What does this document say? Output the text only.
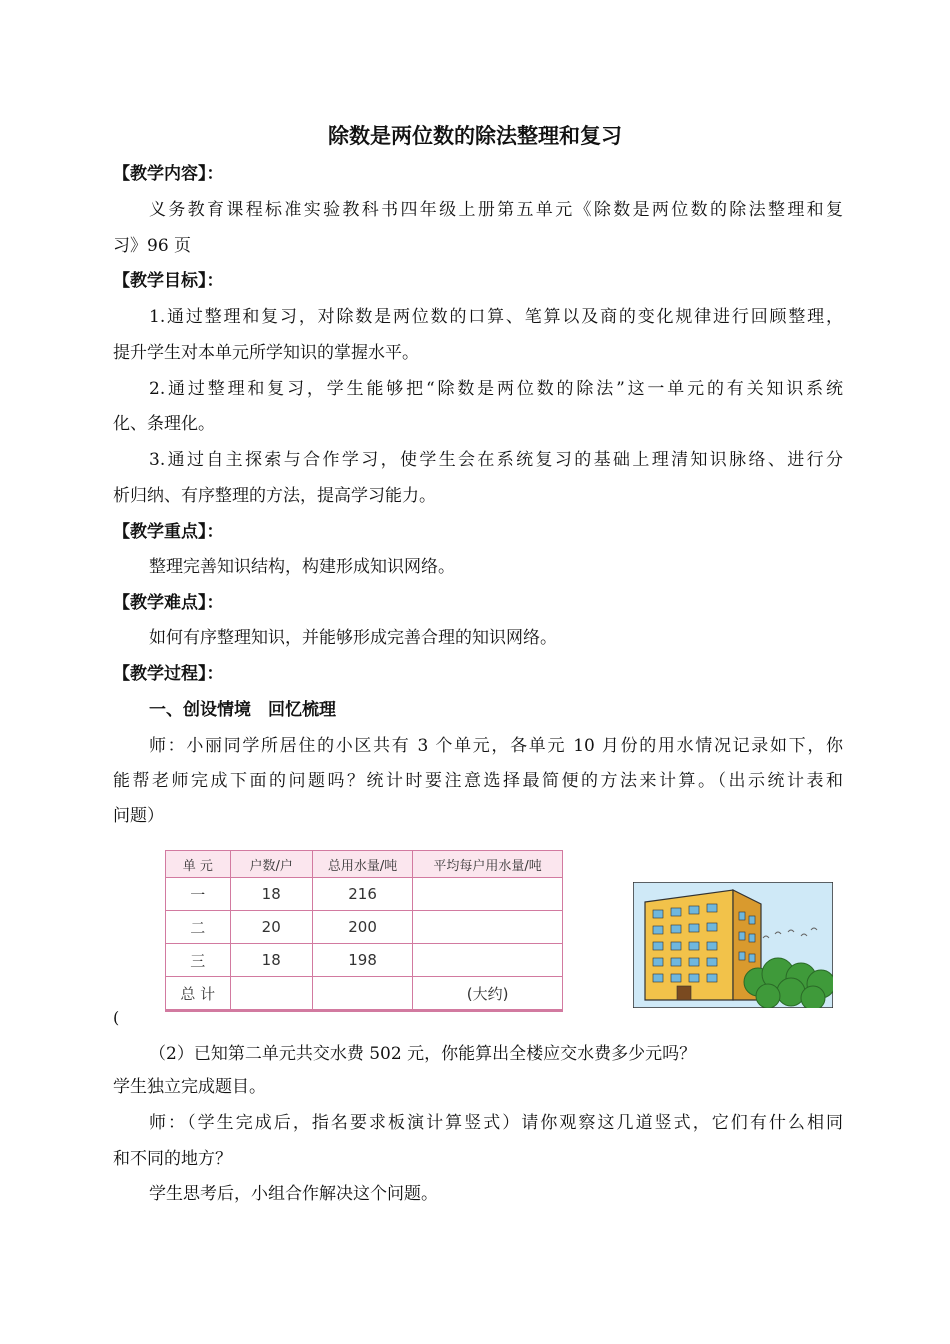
除数是两位数的除法整理和复习
【教学内容】：
义务教育课程标准实验教科书四年级上册第五单元《除数是两位数的除法整理和复
习》96 页
【教学目标】：
1.通过整理和复习，对除数是两位数的口算、笔算以及商的变化规律进行回顾整理，
提升学生对本单元所学知识的掌握水平。
2.通过整理和复习，学生能够把“除数是两位数的除法”这一单元的有关知识系统
化、条理化。
3.通过自主探索与合作学习，使学生会在系统复习的基础上理清知识脉络、进行分
析归纳、有序整理的方法，提高学习能力。
【教学重点】：
整理完善知识结构，构建形成知识网络。
【教学难点】：
如何有序整理知识，并能够形成完善合理的知识网络。
【教学过程】：
一、创设情境　回忆梳理
师：小丽同学所居住的小区共有 3 个单元，各单元 10 月份的用水情况记录如下，你
能帮老师完成下面的问题吗？统计时要注意选择最简便的方法来计算。（出示统计表和
问题）
单 元	户数/户	总用水量/吨	平均每户用水量/吨
一	18	216	
二	20	200	
三	18	198	
总 计			(大约)
(
（2）已知第二单元共交水费 502 元，你能算出全楼应交水费多少元吗？
学生独立完成题目。
师：（学生完成后，指名要求板演计算竖式）请你观察这几道竖式，它们有什么相同
和不同的地方？
学生思考后，小组合作解决这个问题。
